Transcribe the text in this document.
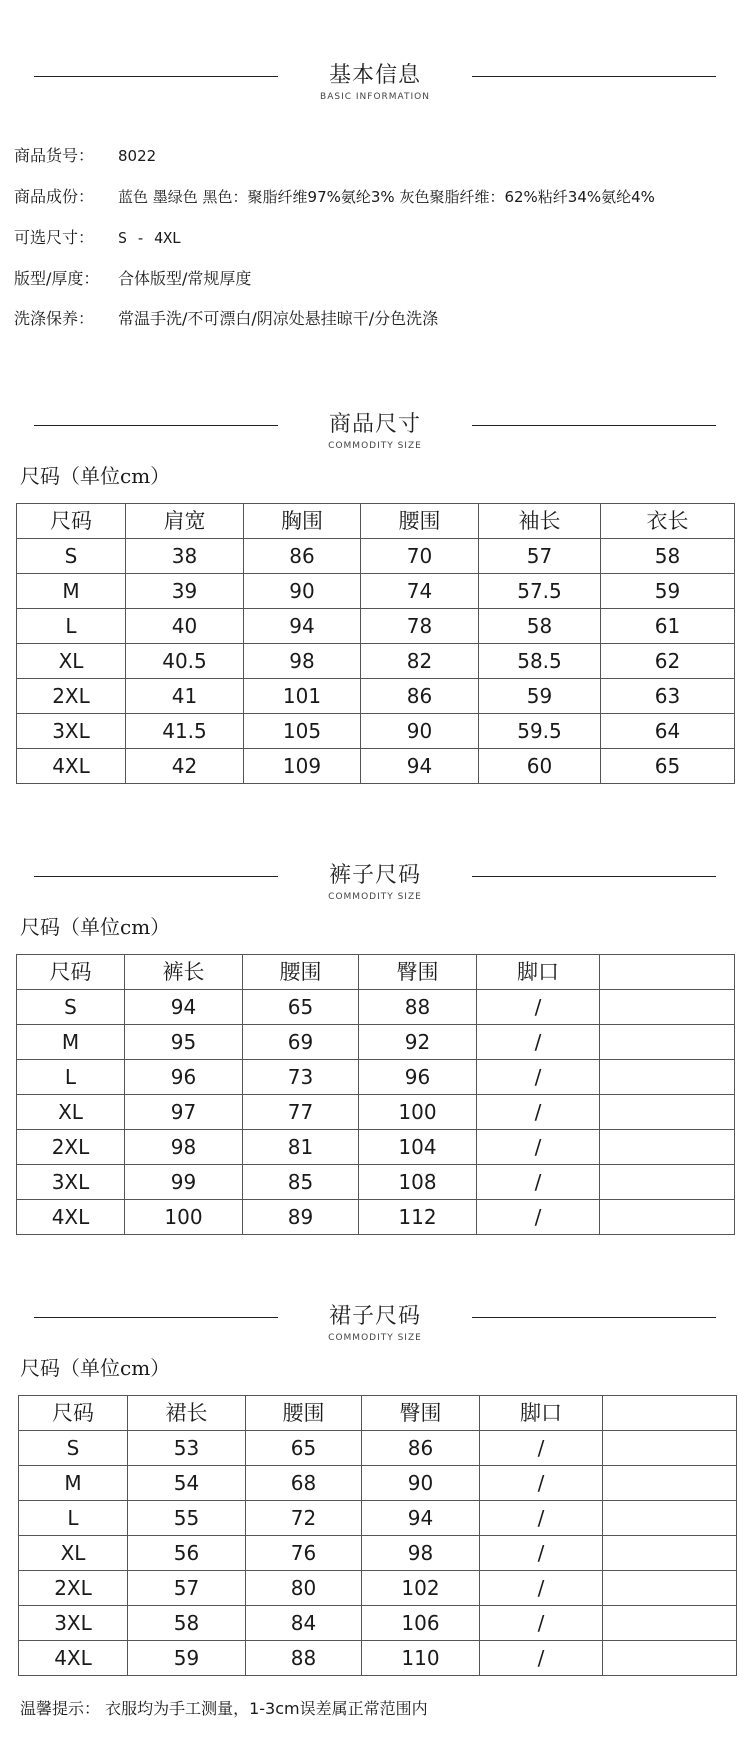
基本信息
BASIC INFORMATION
商品货号： 8022
商品成份： 蓝色 墨绿色 黑色：聚脂纤维97%氨纶3% 灰色聚脂纤维：62%粘纤34%氨纶4%
可选尺寸： S - 4XL
版型/厚度： 合体版型/常规厚度
洗涤保养： 常温手洗/不可漂白/阴凉处悬挂晾干/分色洗涤
商品尺寸
COMMODITY SIZE
尺码（单位cm）
尺码	肩宽	胸围	腰围	袖长	衣长
S	38	86	70	57	58
M	39	90	74	57.5	59
L	40	94	78	58	61
XL	40.5	98	82	58.5	62
2XL	41	101	86	59	63
3XL	41.5	105	90	59.5	64
4XL	42	109	94	60	65
裤子尺码
COMMODITY SIZE
尺码（单位cm）
尺码	裤长	腰围	臀围	脚口	
S	94	65	88	/	
M	95	69	92	/	
L	96	73	96	/	
XL	97	77	100	/	
2XL	98	81	104	/	
3XL	99	85	108	/	
4XL	100	89	112	/	
裙子尺码
COMMODITY SIZE
尺码（单位cm）
尺码	裙长	腰围	臀围	脚口	
S	53	65	86	/	
M	54	68	90	/	
L	55	72	94	/	
XL	56	76	98	/	
2XL	57	80	102	/	
3XL	58	84	106	/	
4XL	59	88	110	/	
温馨提示： 衣服均为手工测量，1-3cm误差属正常范围内
